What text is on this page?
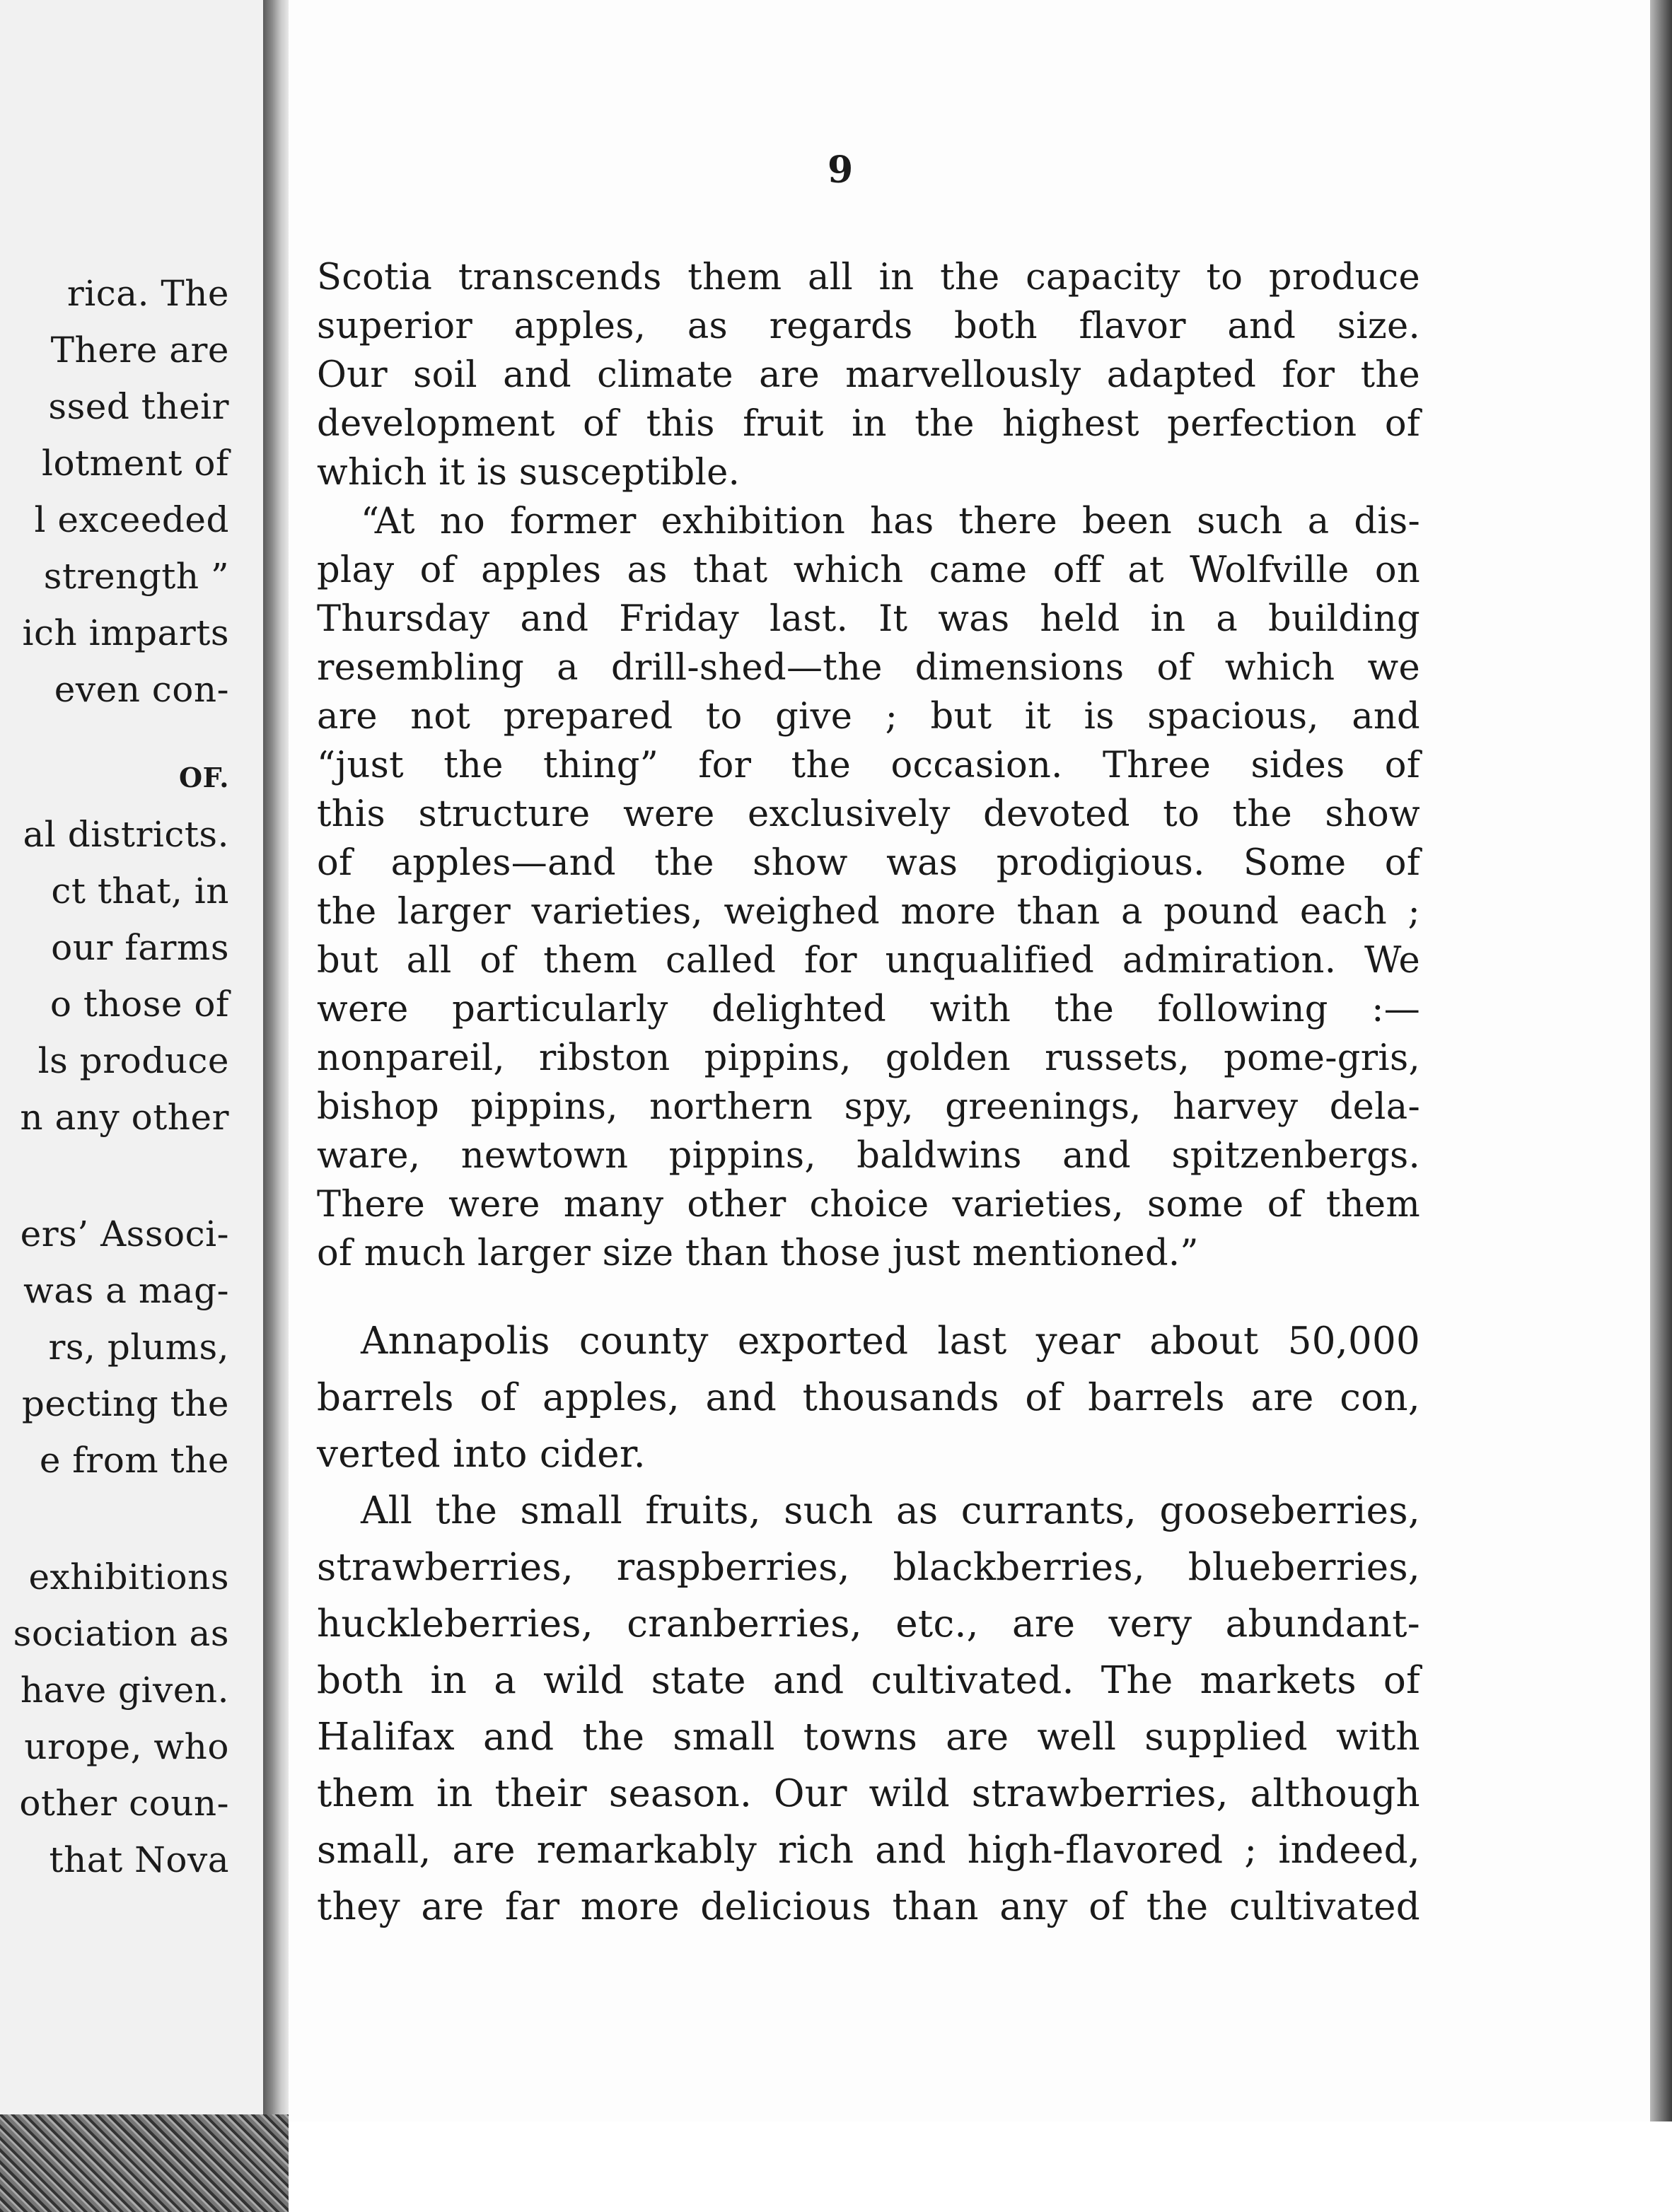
rica. The
There are
ssed their
lotment of
l exceeded
strength ”
ich imparts
even con-
OF.
al districts.
ct that, in
our farms
o those of
ls produce
n any other
ers’ Associ-
was a mag-
rs, plums,
pecting the
e from the
exhibitions
sociation as
have given.
urope, who
other coun-
that Nova
9
Scotia transcends them all in the capacity to produce
superior apples, as regards both flavor and size.
Our soil and climate are marvellously adapted for the
development of this fruit in the highest perfection of
which it is susceptible.
“At no former exhibition has there been such a dis-
play of apples as that which came off at Wolfville on
Thursday and Friday last. It was held in a building
resembling a drill-shed—the dimensions of which we
are not prepared to give ; but it is spacious, and
“just the thing” for the occasion. Three sides of
this structure were exclusively devoted to the show
of apples—and the show was prodigious. Some of
the larger varieties, weighed more than a pound each ;
but all of them called for unqualified admiration. We
were particularly delighted with the following :—
nonpareil, ribston pippins, golden russets, pome-gris,
bishop pippins, northern spy, greenings, harvey dela-
ware, newtown pippins, baldwins and spitzenbergs.
There were many other choice varieties, some of them
of much larger size than those just mentioned.”
Annapolis county exported last year about 50,000
barrels of apples, and thousands of barrels are con,
verted into cider.
All the small fruits, such as currants, gooseberries,
strawberries, raspberries, blackberries, blueberries,
huckleberries, cranberries, etc., are very abundant-
both in a wild state and cultivated. The markets of
Halifax and the small towns are well supplied with
them in their season. Our wild strawberries, although
small, are remarkably rich and high-flavored ; indeed,
they are far more delicious than any of the cultivated
